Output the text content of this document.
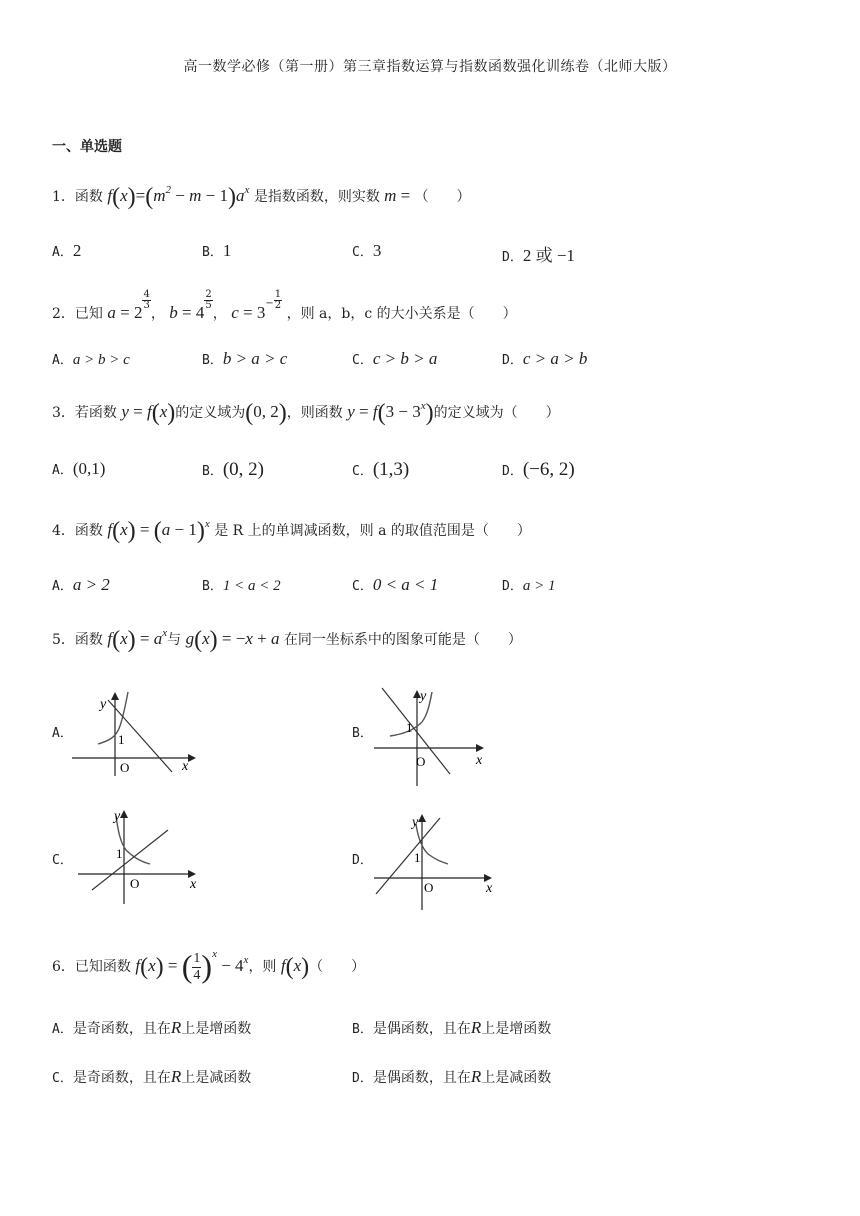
高一数学必修（第一册）第三章指数运算与指数函数强化训练卷（北师大版）
一、单选题
1．函数 $f(x)=(m^2 - m - 1)a^x$ 是指数函数，则实数 m = （　　）
A．2	B．1	C．3	D．2 或 −1
2．已知 a = 2
$\frac{4}{3}$
， b = 4
$\frac{2}{5}$
， $c = 3^- \frac{1}{2}$
，则 a，b，c 的大小关系是（　　）
A．a > b > c	B．b > a > c	C．c > b > a	D．c > a > b
3．若函数 y = f(x)的定义域为(0, 2)，则函数 $y = f(3 - 3^x)$的定义域为（　　）
A．(0,1)	B．(0, 2)	C．(1,3)	D．(−6, 2)
4．函数 $f(x) = (a - 1)^x$ 是 R 上的单调减函数，则 a 的取值范围是（　　）
A．a > 2	B．1 < a < 2	C．0 < a < 1	D．a > 1
5．函数 $f(x) = a^x$与 g(x) = −x + a 在同一坐标系中的图象可能是（　　）
A．
y
1
O	x
B．
y
1
O	x
C．
y
1
O	x
D．
y
1
O	x
6．已知函数 f(x) = ( $\frac{1}{4} )^x - 4^x$，则 f(x)（　　）
A．是奇函数，且在R上是增函数	B．是偶函数，且在R上是增函数
C．是奇函数，且在R上是减函数	D．是偶函数，且在R上是减函数
